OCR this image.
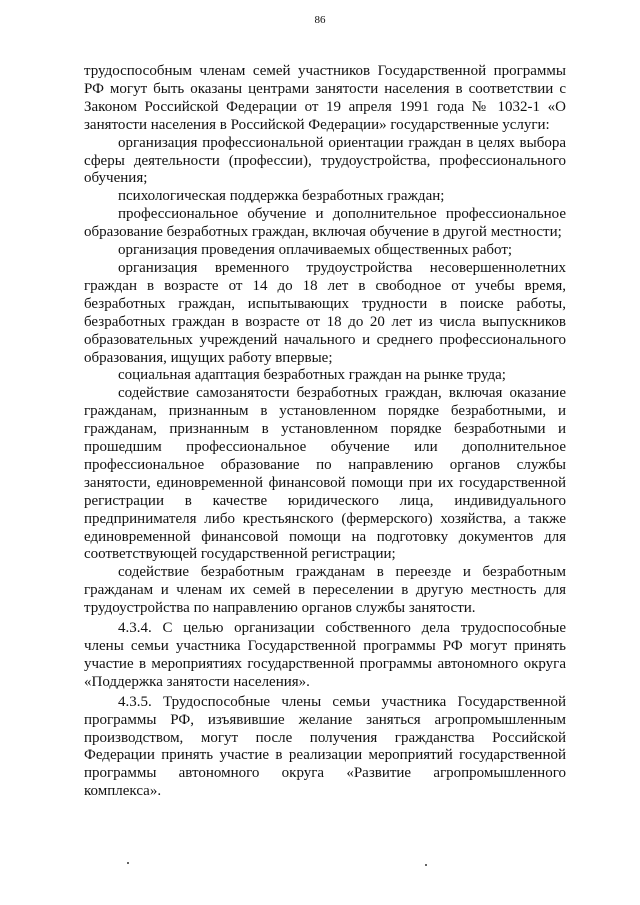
86

трудоспособным членам семей участников Государственной программы РФ могут быть оказаны центрами занятости населения в соответствии с Законом Российской Федерации от 19 апреля 1991 года № 1032-1 «О занятости населения в Российской Федерации» государственные услуги:

организация профессиональной ориентации граждан в целях выбора сферы деятельности (профессии), трудоустройства, профессионального обучения;

психологическая поддержка безработных граждан;

профессиональное обучение и дополнительное профессиональное образование безработных граждан, включая обучение в другой местности;

организация проведения оплачиваемых общественных работ;

организация временного трудоустройства несовершеннолетних граждан в возрасте от 14 до 18 лет в свободное от учебы время, безработных граждан, испытывающих трудности в поиске работы, безработных граждан в возрасте от 18 до 20 лет из числа выпускников образовательных учреждений начального и среднего профессионального образования, ищущих работу впервые;

социальная адаптация безработных граждан на рынке труда;

содействие самозанятости безработных граждан, включая оказание гражданам, признанным в установленном порядке безработными, и гражданам, признанным в установленном порядке безработными и прошедшим профессиональное обучение или дополнительное профессиональное образование по направлению органов службы занятости, единовременной финансовой помощи при их государственной регистрации в качестве юридического лица, индивидуального предпринимателя либо крестьянского (фермерского) хозяйства, а также единовременной финансовой помощи на подготовку документов для соответствующей государственной регистрации;

содействие безработным гражданам в переезде и безработным гражданам и членам их семей в переселении в другую местность для трудоустройства по направлению органов службы занятости.

4.3.4. С целью организации собственного дела трудоспособные члены семьи участника Государственной программы РФ могут принять участие в мероприятиях государственной программы автономного округа «Поддержка занятости населения».

4.3.5. Трудоспособные члены семьи участника Государственной программы РФ, изъявившие желание заняться агропромышленным производством, могут после получения гражданства Российской Федерации принять участие в реализации мероприятий государственной программы автономного округа «Развитие агропромышленного комплекса».
